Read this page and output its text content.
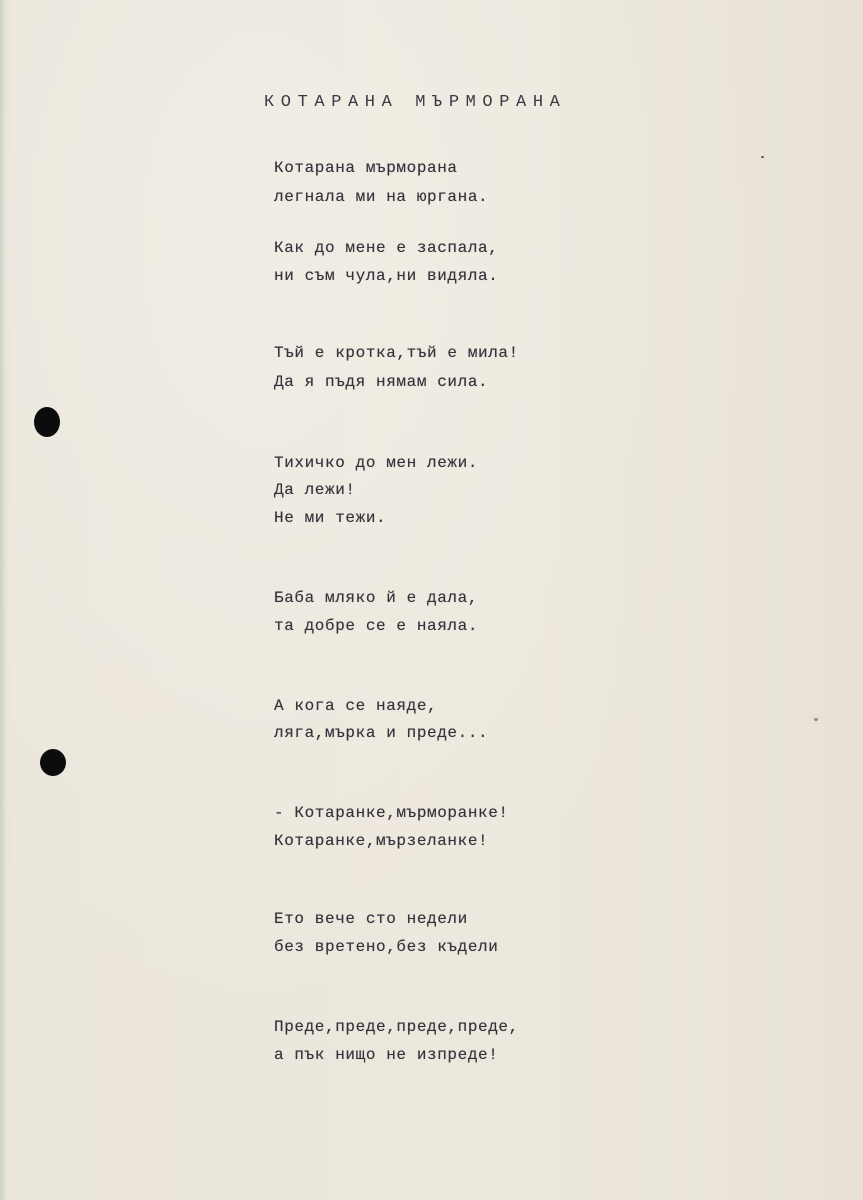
КОТАРАНА МЪРМОРАНА

Котарана мърморана

легнала ми на юргана.

Как до мене е заспала,

ни съм чула,ни видяла.

Тъй е кротка,тъй е мила!

Да я пъдя нямам сила.

Тихичко до мен лежи.

Да лежи!

Не ми тежи.

Баба мляко й е дала,

та добре се е наяла.

А кога се наяде,

ляга,мърка и преде...

- Котаранке,мърморанке!

Котаранке,мързеланке!

Ето вече сто недели

без вретено,без къдели

Преде,преде,преде,преде,

а пък нищо не изпреде!
